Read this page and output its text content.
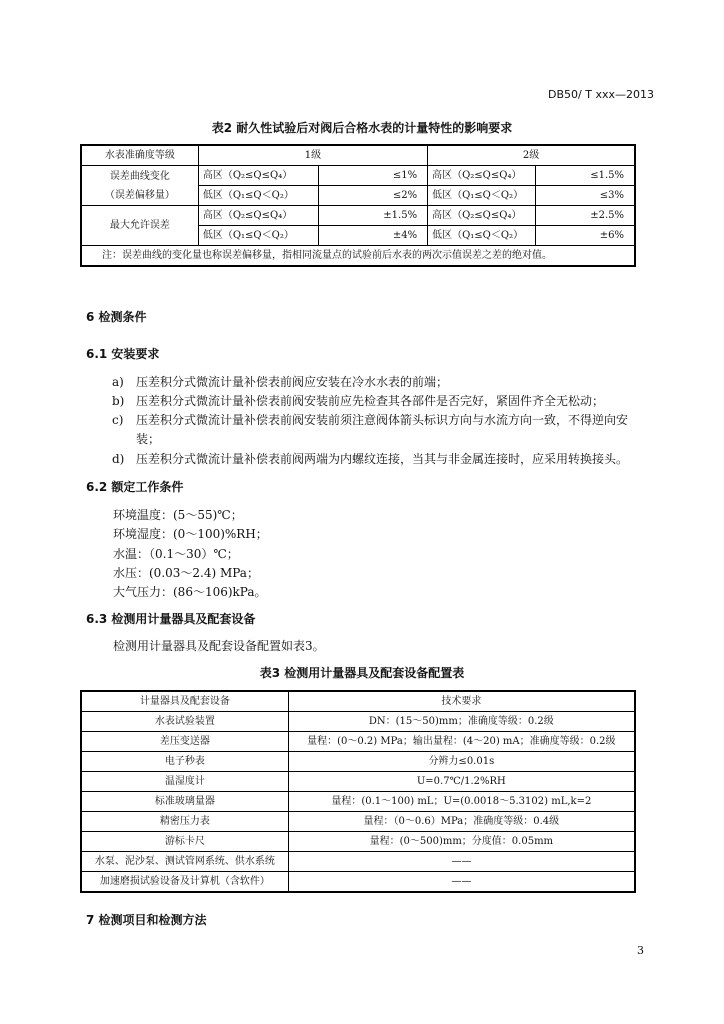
DB50/ T xxx—2013
表2 耐久性试验后对阀后合格水表的计量特性的影响要求
水表准确度等级	1级		2级	
误差曲线变化
（误差偏移量）	高区（Q₂≤Q≤Q₄）	≤1%	高区（Q₂≤Q≤Q₄）	≤1.5%
	低区（Q₁≤Q＜Q₂）	≤2%	低区（Q₁≤Q＜Q₂）	≤3%
最大允许误差	高区（Q₂≤Q≤Q₄）	±1.5%	高区（Q₂≤Q≤Q₄）	±2.5%
	低区（Q₁≤Q＜Q₂）	±4%	低区（Q₁≤Q＜Q₂）	±6%
注：误差曲线的变化量也称误差偏移量，指相同流量点的试验前后水表的两次示值误差之差的绝对值。				
6 检测条件
6.1 安装要求
a) 压差积分式微流计量补偿表前阀应安装在冷水水表的前端；
b) 压差积分式微流计量补偿表前阀安装前应先检查其各部件是否完好，紧固件齐全无松动；
c) 压差积分式微流计量补偿表前阀安装前须注意阀体箭头标识方向与水流方向一致，不得逆向安
装；
d) 压差积分式微流计量补偿表前阀两端为内螺纹连接，当其与非金属连接时，应采用转换接头。
6.2 额定工作条件
环境温度：(5～55)℃；
环境湿度：(0～100)%RH；
水温：（0.1～30）℃；
水压：(0.03～2.4) MPa；
大气压力：(86～106)kPa。
6.3 检测用计量器具及配套设备
检测用计量器具及配套设备配置如表3。
表3 检测用计量器具及配套设备配置表
计量器具及配套设备	技术要求
水表试验装置	DN：(15～50)mm；准确度等级：0.2级
差压变送器	量程：(0～0.2) MPa；输出量程：(4～20) mA；准确度等级：0.2级
电子秒表	分辨力≤0.01s
温湿度计	U=0.7℃/1.2%RH
标准玻璃量器	量程：(0.1～100) mL；U=(0.0018～5.3102) mL,k=2
精密压力表	量程：（0～0.6）MPa；准确度等级：0.4级
游标卡尺	量程：(0～500)mm；分度值：0.05mm
水泵、泥沙泵、测试管网系统、供水系统	——
加速磨损试验设备及计算机（含软件）	——
7 检测项目和检测方法
3
